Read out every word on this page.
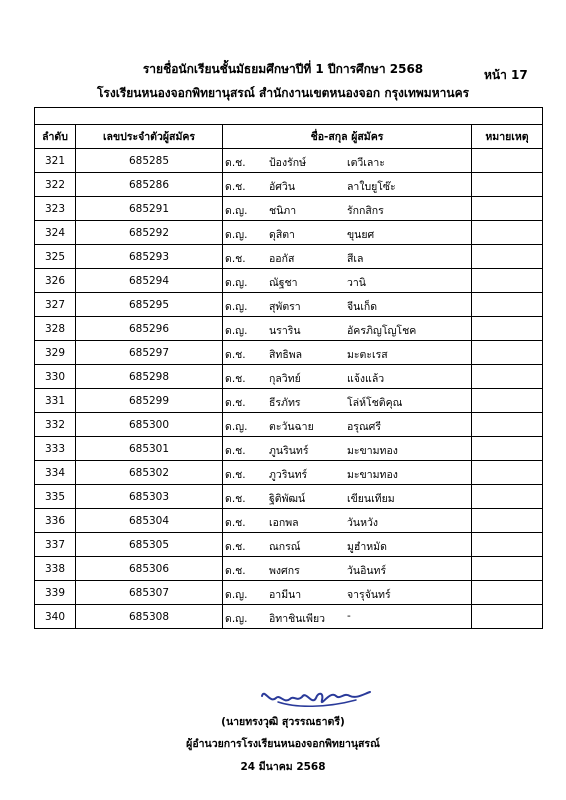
รายชื่อนักเรียนชั้นมัธยมศึกษาปีที่ 1 ปีการศึกษา 2568	หน้า 17
โรงเรียนหนองจอกพิทยานุสรณ์ สำนักงานเขตหนองจอก กรุงเทพมหานคร

ลำดับ	เลขประจำตัวผู้สมัคร	ชื่อ-สกุล ผู้สมัคร	หมายเหตุ
321	685285	ด.ช. ป้องรักษ์ เตวีเลาะ	

322	685286	ด.ช. อัศวิน ลาใบยูโซ๊ะ	

323	685291	ด.ญ. ชนิภา รักกสิกร	

324	685292	ด.ญ. ดุสิตา ขุนยศ	

325	685293	ด.ช. ออกัส สีเล	

326	685294	ด.ญ. ณัฐชา วานิ	

327	685295	ด.ญ. สุพัตรา จีนเก็ด	

328	685296	ด.ญ. นราริน อัครภิญโญโชค	

329	685297	ด.ช. สิทธิพล มะตะเรส	

330	685298	ด.ช. กุลวิทย์ แจ้งแล้ว	

331	685299	ด.ช. ธีรภัทร โล่ห์โชติคุณ	

332	685300	ด.ญ. ตะวันฉาย อรุณศรี	

333	685301	ด.ช. ภูนรินทร์ มะขามทอง	

334	685302	ด.ช. ภูวรินทร์ มะขามทอง	

335	685303	ด.ช. ฐิติพัฒน์ เขียนเทียม	

336	685304	ด.ช. เอกพล วันหวัง	

337	685305	ด.ช. ณกรณ์ มูฮำหมัด	

338	685306	ด.ช. พงศกร วันอินทร์	

339	685307	ด.ญ. อามีนา จารุจันทร์	

340	685308	ด.ญ. อิทาชินเพียว -	

(นายทรงวุฒิ สุวรรณธาตรี)
ผู้อำนวยการโรงเรียนหนองจอกพิทยานุสรณ์
24 มีนาคม 2568
